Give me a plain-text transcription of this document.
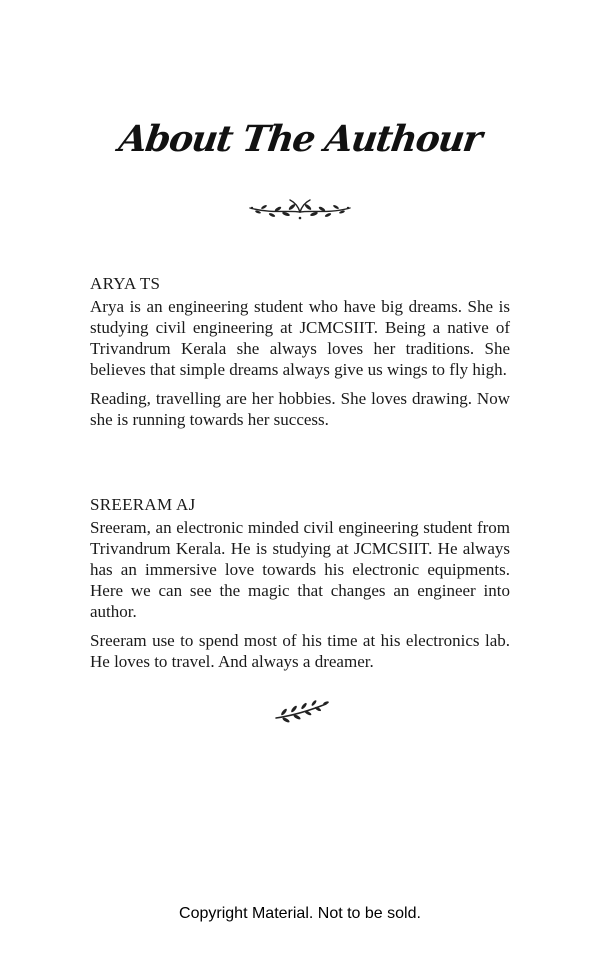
About The Authour
ARYA TS

Arya is an engineering student who have big dreams. She is studying civil engineering at JCMCSIIT. Being a native of Trivandrum Kerala she always loves her traditions. She believes that simple dreams always give us wings to fly high.

Reading, travelling are her hobbies. She loves drawing. Now she is running towards her success.

SREERAM AJ

Sreeram, an electronic minded civil engineering student from Trivandrum Kerala. He is studying at JCMCSIIT. He always has an immersive love towards his electronic equipments. Here we can see the magic that changes an engineer into author.

Sreeram use to spend most of his time at his electronics lab. He loves to travel. And always a dreamer.

Copyright Material. Not to be sold.
